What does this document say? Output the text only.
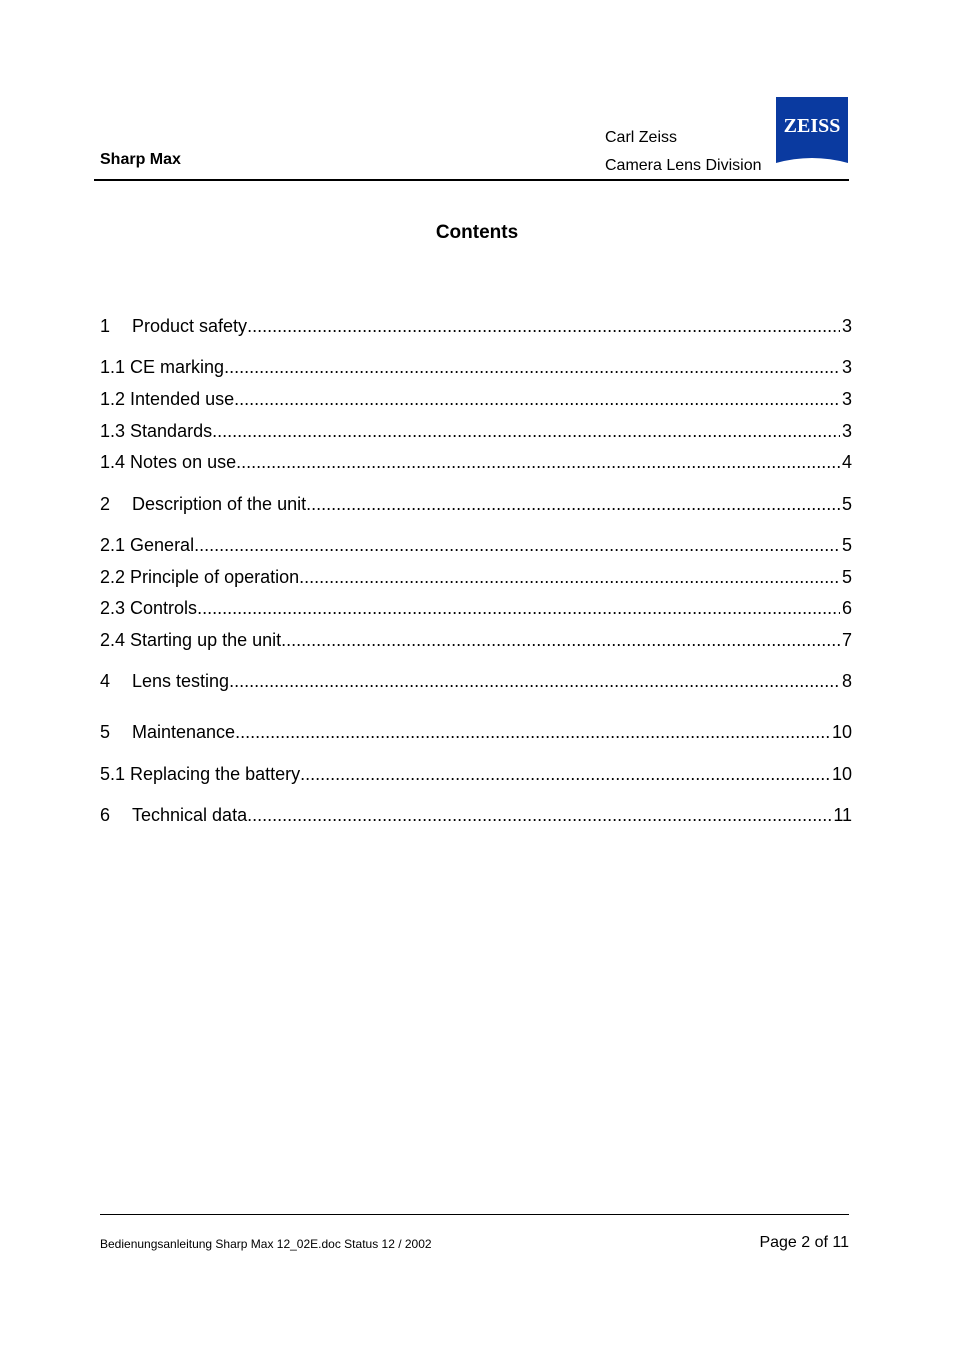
Sharp Max
Carl Zeiss
Camera Lens Division
ZEISS
Contents
1	Product safety .....	3
1.1 CE marking .....	3
1.2 Intended use .....	3
1.3 Standards .....	3
1.4 Notes on use .....	4
2	Description of the unit .....	5
2.1 General .....	5
2.2 Principle of operation .....	5
2.3 Controls .....	6
2.4 Starting up the unit .....	7
4	Lens testing .....	8
5	Maintenance .....	10
5.1 Replacing the battery .....	10
6	Technical data .....	11
Bedienungsanleitung Sharp Max 12_02E.doc Status 12 / 2002	Page 2 of 11
